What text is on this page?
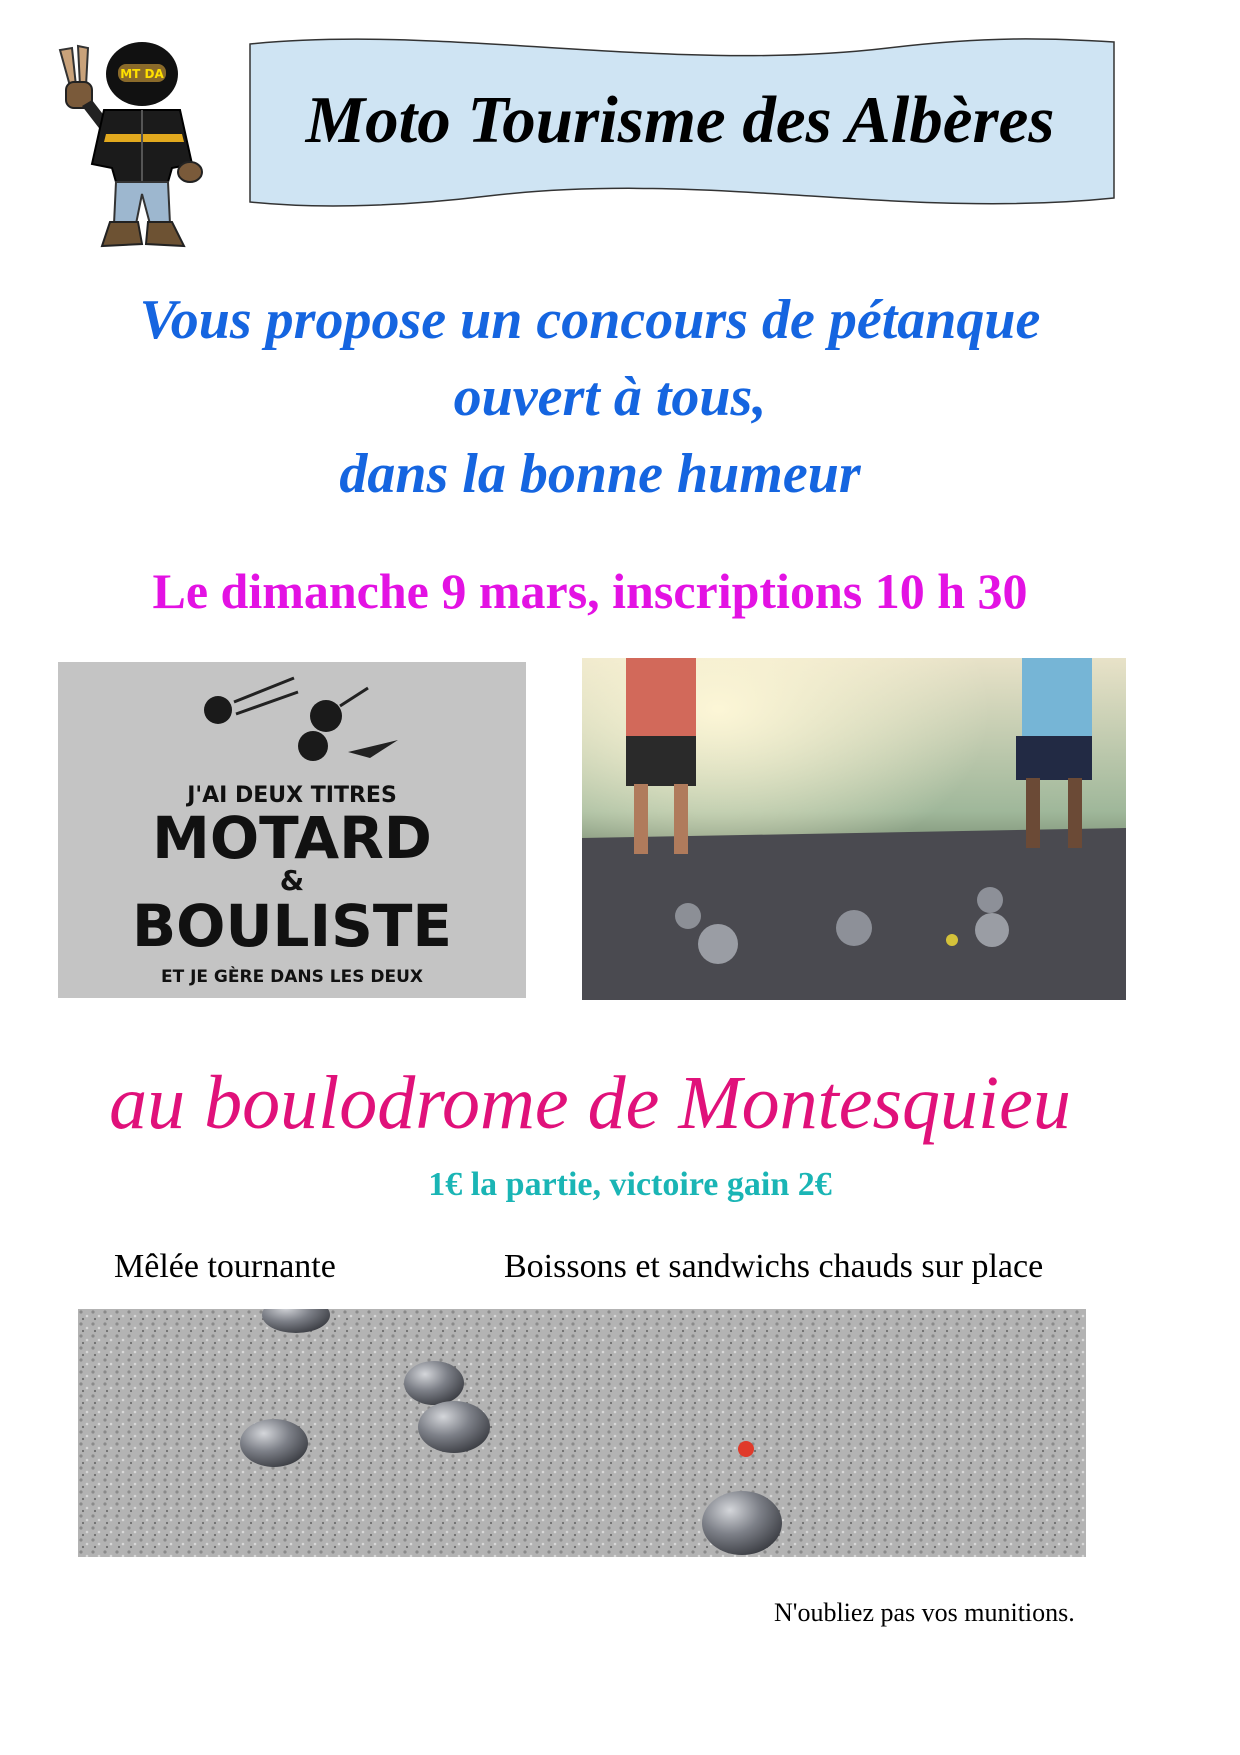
MT DA
Moto Tourisme des Albères
Vous propose un concours de pétanque
ouvert à tous,
dans la bonne humeur
Le dimanche 9 mars, inscriptions 10 h 30
J'AI DEUX TITRES
MOTARD
&
BOULISTE
ET JE GÈRE DANS LES DEUX
au boulodrome de Montesquieu
1€ la partie, victoire gain 2€
Mêlée tournante	Boissons et sandwichs chauds sur place
N'oubliez pas vos munitions.
